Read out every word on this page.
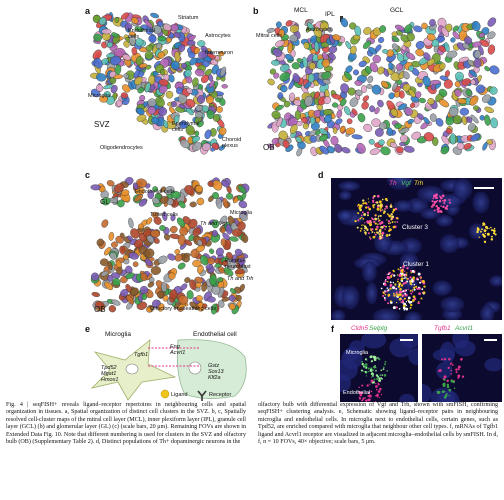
a
Striatum
Endothelial
cells	Astrocytes
Interneuron
Microglia
SVZ	Ependymal
cells
Oligodendrocytes
Choroid
plexus
b	MCL
IPL
GCL
Mitral cells
Astrocytes
OB
c
Endothelial cells
GL
Tufted cells	Microglia
Th and Vgf
Eomes+
neuroblast
Th and Trh
Olfactory ensheathing cells
OB
d
Th Vgf Trh
Cluster 3
Cluster 1
e
Microglia	Endothelial cell
Tgfb1
Tpd52
Mgat1
Hmox1
Eng
Acvrl1
Gstz
Sox13
Klf2a
Ligand	Receptor
f	Cldn5 Selplg	Tgfb1 Acvrl1
Microglia
Endothelial

Fig. 4 | seqFISH+ reveals ligand–receptor repertoires in neighbouring cells and spatial organization in tissues. a, Spatial organization of distinct cell clusters in the SVZ. b, c, Spatially resolved cell-cluster maps of the mitral cell layer (MCL), inner plexiform layer (IPL), granule cell layer (GCL) (b) and glomerular layer (GL) (c) (scale bars, 20 μm). Remaining FOVs are shown in Extended Data Fig. 10. Note that different numbering is used for clusters in the SVZ and olfactory bulb (OB) (Supplementary Table 2). d, Distinct populations of Th+ dopaminergic neurons in the

olfactory bulb with differential expression of Vgf and Trh, shown with smFISH, confirming seqFISH+ clustering analysis. e, Schematic showing ligand–receptor pairs in neighbouring microglia and endothelial cells. In microglia next to endothelial cells, certain genes, such as Tpd52, are enriched compared with microglia that neighbour other cell types. f, mRNAs of Tgfb1 ligand and Acvrl1 receptor are visualized in adjacent microglia–endothelial cells by smFISH. In d, f, n = 10 FOVs, 40× objective; scale bars, 5 μm.
